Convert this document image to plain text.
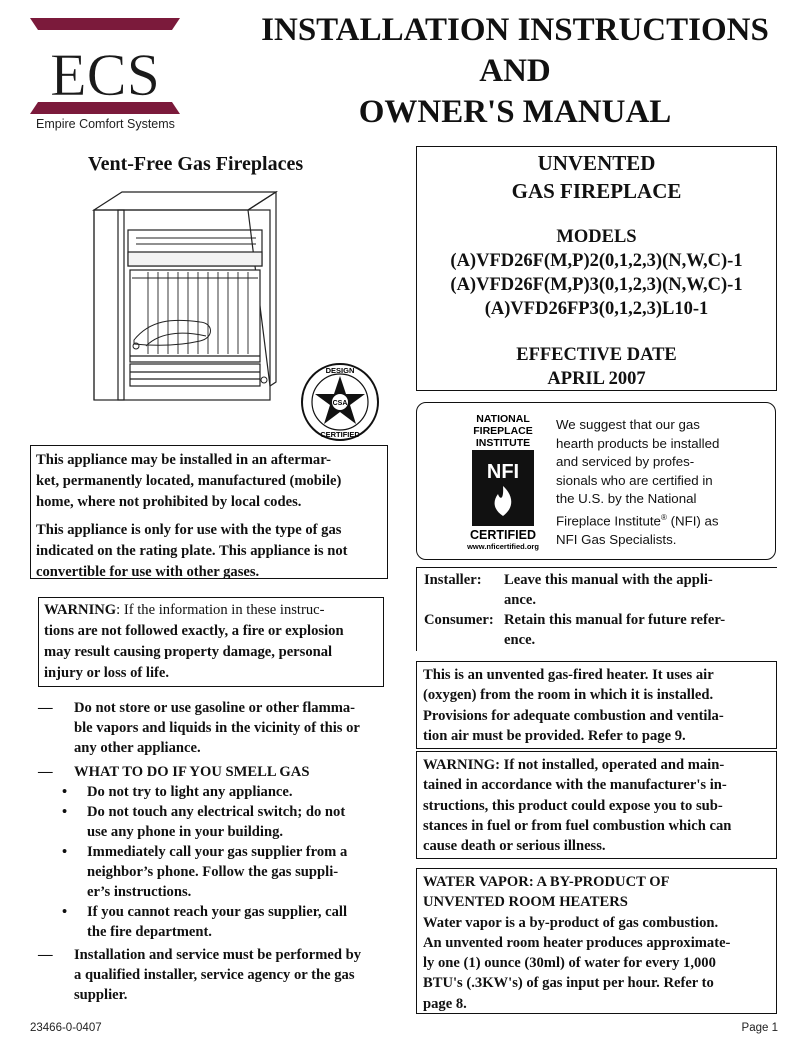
ECS
Empire Comfort Systems
INSTALLATION INSTRUCTIONS
AND
OWNER'S MANUAL
Vent-Free Gas Fireplaces
CSA
DESIGN
CERTIFIED
UNVENTED
GAS FIREPLACE
MODELS
(A)VFD26F(M,P)2(0,1,2,3)(N,W,C)-1
(A)VFD26F(M,P)3(0,1,2,3)(N,W,C)-1
(A)VFD26FP3(0,1,2,3)L10-1
EFFECTIVE DATE
APRIL 2007
NATIONAL
FIREPLACE
INSTITUTE
NFI
CERTIFIED
www.nficertified.org
We suggest that our gas
hearth products be installed
and serviced by profes-
sionals who are certified in
the U.S. by the National
Fireplace Institute® (NFI) as
NFI Gas Specialists.

This appliance may be installed in an aftermar-
ket, permanently located, manufactured (mobile)
home, where not prohibited by local codes.

This appliance is only for use with the type of gas
indicated on the rating plate. This appliance is not
convertible for use with other gases.

WARNING: If the information in these instruc-
tions are not followed exactly, a fire or explosion
may result causing property damage, personal
injury or loss of life.
— Do not store or use gasoline or other flamma-
ble vapors and liquids in the vicinity of this or
any other appliance.
— WHAT TO DO IF YOU SMELL GAS
• Do not try to light any appliance.
• Do not touch any electrical switch; do not
use any phone in your building.
• Immediately call your gas supplier from a
neighbor’s phone. Follow the gas suppli-
er’s instructions.
• If you cannot reach your gas supplier, call
the fire department.
— Installation and service must be performed by
a qualified installer, service agency or the gas
supplier.
Installer: Leave this manual with the appli-
ance.
Consumer: Retain this manual for future refer-
ence.
This is an unvented gas-fired heater. It uses air
(oxygen) from the room in which it is installed.
Provisions for adequate combustion and ventila-
tion air must be provided. Refer to page 9.
WARNING: If not installed, operated and main-
tained in accordance with the manufacturer's in-
structions, this product could expose you to sub-
stances in fuel or from fuel combustion which can
cause death or serious illness.
WATER VAPOR: A BY-PRODUCT OF
UNVENTED ROOM HEATERS
Water vapor is a by-product of gas combustion.
An unvented room heater produces approximate-
ly one (1) ounce (30ml) of water for every 1,000
BTU's (.3KW's) of gas input per hour. Refer to
page 8.
23466-0-0407	Page 1
